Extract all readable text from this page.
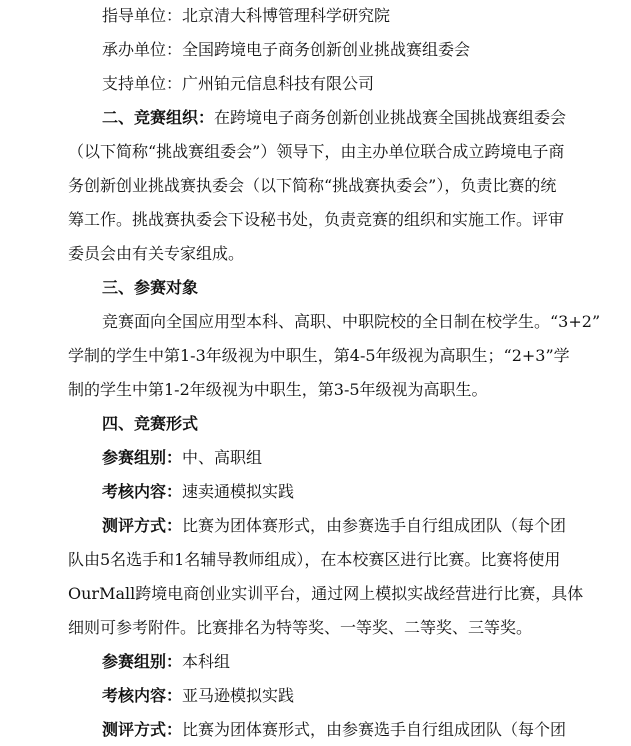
指导单位：北京清大科博管理科学研究院
承办单位：全国跨境电子商务创新创业挑战赛组委会
支持单位：广州铂元信息科技有限公司
二、竞赛组织：在跨境电子商务创新创业挑战赛全国挑战赛组委会
（以下简称“挑战赛组委会”）领导下，由主办单位联合成立跨境电子商
务创新创业挑战赛执委会（以下简称“挑战赛执委会”），负责比赛的统
筹工作。挑战赛执委会下设秘书处，负责竞赛的组织和实施工作。评审
委员会由有关专家组成。
三、参赛对象
竞赛面向全国应用型本科、高职、中职院校的全日制在校学生。“3+2”
学制的学生中第1-3年级视为中职生，第4-5年级视为高职生；“2+3”学
制的学生中第1-2年级视为中职生，第3-5年级视为高职生。
四、竞赛形式
参赛组别：中、高职组
考核内容：速卖通模拟实践
测评方式：比赛为团体赛形式，由参赛选手自行组成团队（每个团
队由5名选手和1名辅导教师组成），在本校赛区进行比赛。比赛将使用
OurMall跨境电商创业实训平台，通过网上模拟实战经营进行比赛，具体
细则可参考附件。比赛排名为特等奖、一等奖、二等奖、三等奖。
参赛组别：本科组
考核内容：亚马逊模拟实践
测评方式：比赛为团体赛形式，由参赛选手自行组成团队（每个团
